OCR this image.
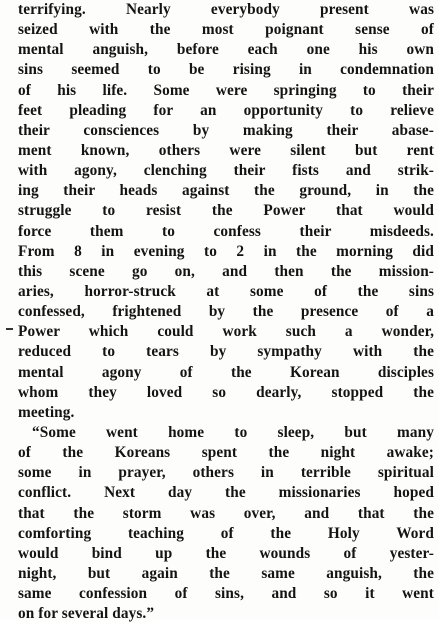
terrifying. Nearly everybody present was
seized with the most poignant sense of
mental anguish, before each one his own
sins seemed to be rising in condemnation
of his life. Some were springing to their
feet pleading for an opportunity to relieve
their consciences by making their abase-
ment known, others were silent but rent
with agony, clenching their fists and strik-
ing their heads against the ground, in the
struggle to resist the Power that would
force them to confess their misdeeds.
From 8 in evening to 2 in the morning did
this scene go on, and then the mission-
aries, horror-struck at some of the sins
confessed, frightened by the presence of a
Power which could work such a wonder,
reduced to tears by sympathy with the
mental agony of the Korean disciples
whom they loved so dearly, stopped the
meeting.
“Some went home to sleep, but many
of the Koreans spent the night awake;
some in prayer, others in terrible spiritual
conflict. Next day the missionaries hoped
that the storm was over, and that the
comforting teaching of the Holy Word
would bind up the wounds of yester-
night, but again the same anguish, the
same confession of sins, and so it went
on for several days.”
